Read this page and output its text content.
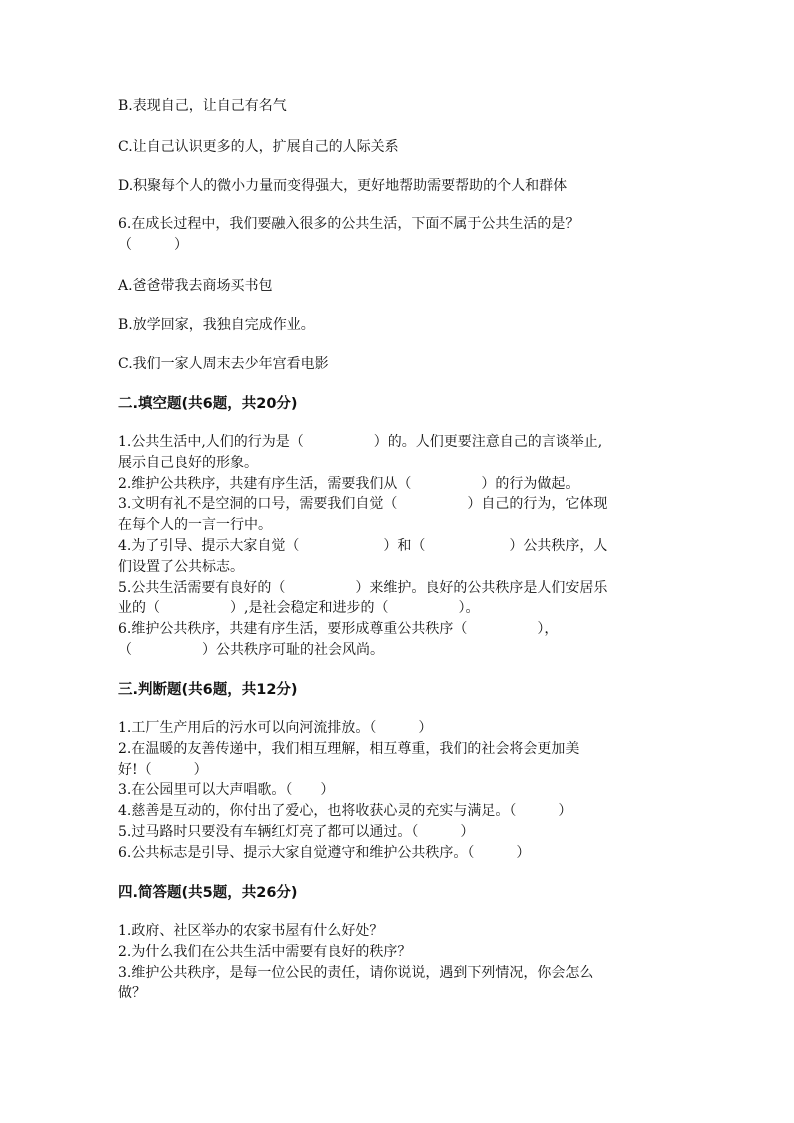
B.表现自己，让自己有名气
C.让自己认识更多的人，扩展自己的人际关系
D.积聚每个人的微小力量而变得强大，更好地帮助需要帮助的个人和群体
6.在成长过程中，我们要融入很多的公共生活，下面不属于公共生活的是？
（　　　）
A.爸爸带我去商场买书包
B.放学回家，我独自完成作业。
C.我们一家人周末去少年宫看电影
二.填空题(共6题，共20分)
1.公共生活中,人们的行为是（　　　　　）的。人们更要注意自己的言谈举止,
展示自己良好的形象。
2.维护公共秩序，共建有序生活，需要我们从（　　　　　）的行为做起。
3.文明有礼不是空洞的口号，需要我们自觉（　　　　　）自己的行为，它体现
在每个人的一言一行中。
4.为了引导、提示大家自觉（　　　　　　）和（　　　　　　）公共秩序，人
们设置了公共标志。
5.公共生活需要有良好的（　　　　　）来维护。良好的公共秩序是人们安居乐
业的（　　　　　）,是社会稳定和进步的（　　　　　）。
6.维护公共秩序，共建有序生活，要形成尊重公共秩序（　　　　　），
（　　　　　）公共秩序可耻的社会风尚。
三.判断题(共6题，共12分)
1.工厂生产用后的污水可以向河流排放。（　　　）
2.在温暖的友善传递中，我们相互理解，相互尊重，我们的社会将会更加美
好!（　　　）
3.在公园里可以大声唱歌。（　　）
4.慈善是互动的，你付出了爱心，也将收获心灵的充实与满足。（　　　）
5.过马路时只要没有车辆红灯亮了都可以通过。（　　　）
6.公共标志是引导、提示大家自觉遵守和维护公共秩序。（　　　）
四.简答题(共5题，共26分)
1.政府、社区举办的农家书屋有什么好处？
2.为什么我们在公共生活中需要有良好的秩序？
3.维护公共秩序，是每一位公民的责任，请你说说，遇到下列情况，你会怎么
做？
